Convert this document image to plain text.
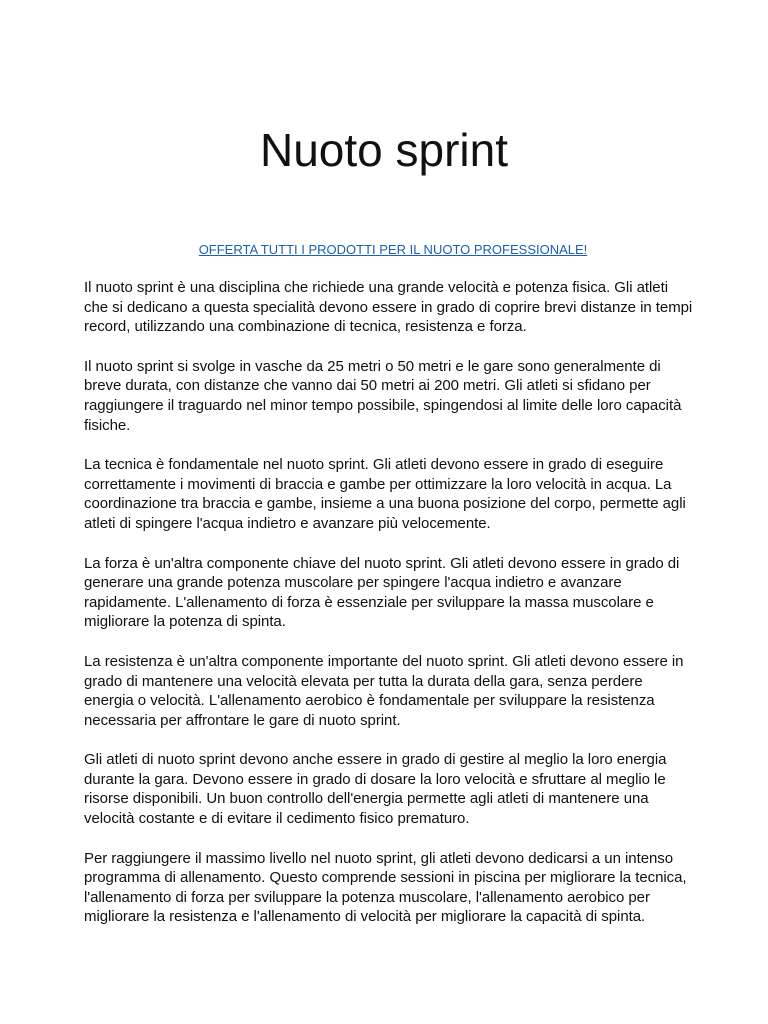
Nuoto sprint
OFFERTA TUTTI I PRODOTTI PER IL NUOTO PROFESSIONALE!

Il nuoto sprint è una disciplina che richiede una grande velocità e potenza fisica. Gli atleti che si dedicano a questa specialità devono essere in grado di coprire brevi distanze in tempi record, utilizzando una combinazione di tecnica, resistenza e forza.

Il nuoto sprint si svolge in vasche da 25 metri o 50 metri e le gare sono generalmente di breve durata, con distanze che vanno dai 50 metri ai 200 metri. Gli atleti si sfidano per raggiungere il traguardo nel minor tempo possibile, spingendosi al limite delle loro capacità fisiche.

La tecnica è fondamentale nel nuoto sprint. Gli atleti devono essere in grado di eseguire correttamente i movimenti di braccia e gambe per ottimizzare la loro velocità in acqua. La coordinazione tra braccia e gambe, insieme a una buona posizione del corpo, permette agli atleti di spingere l'acqua indietro e avanzare più velocemente.

La forza è un'altra componente chiave del nuoto sprint. Gli atleti devono essere in grado di generare una grande potenza muscolare per spingere l'acqua indietro e avanzare rapidamente. L'allenamento di forza è essenziale per sviluppare la massa muscolare e migliorare la potenza di spinta.

La resistenza è un'altra componente importante del nuoto sprint. Gli atleti devono essere in grado di mantenere una velocità elevata per tutta la durata della gara, senza perdere energia o velocità. L'allenamento aerobico è fondamentale per sviluppare la resistenza necessaria per affrontare le gare di nuoto sprint.

Gli atleti di nuoto sprint devono anche essere in grado di gestire al meglio la loro energia durante la gara. Devono essere in grado di dosare la loro velocità e sfruttare al meglio le risorse disponibili. Un buon controllo dell'energia permette agli atleti di mantenere una velocità costante e di evitare il cedimento fisico prematuro.

Per raggiungere il massimo livello nel nuoto sprint, gli atleti devono dedicarsi a un intenso programma di allenamento. Questo comprende sessioni in piscina per migliorare la tecnica, l'allenamento di forza per sviluppare la potenza muscolare, l'allenamento aerobico per migliorare la resistenza e l'allenamento di velocità per migliorare la capacità di spinta.
